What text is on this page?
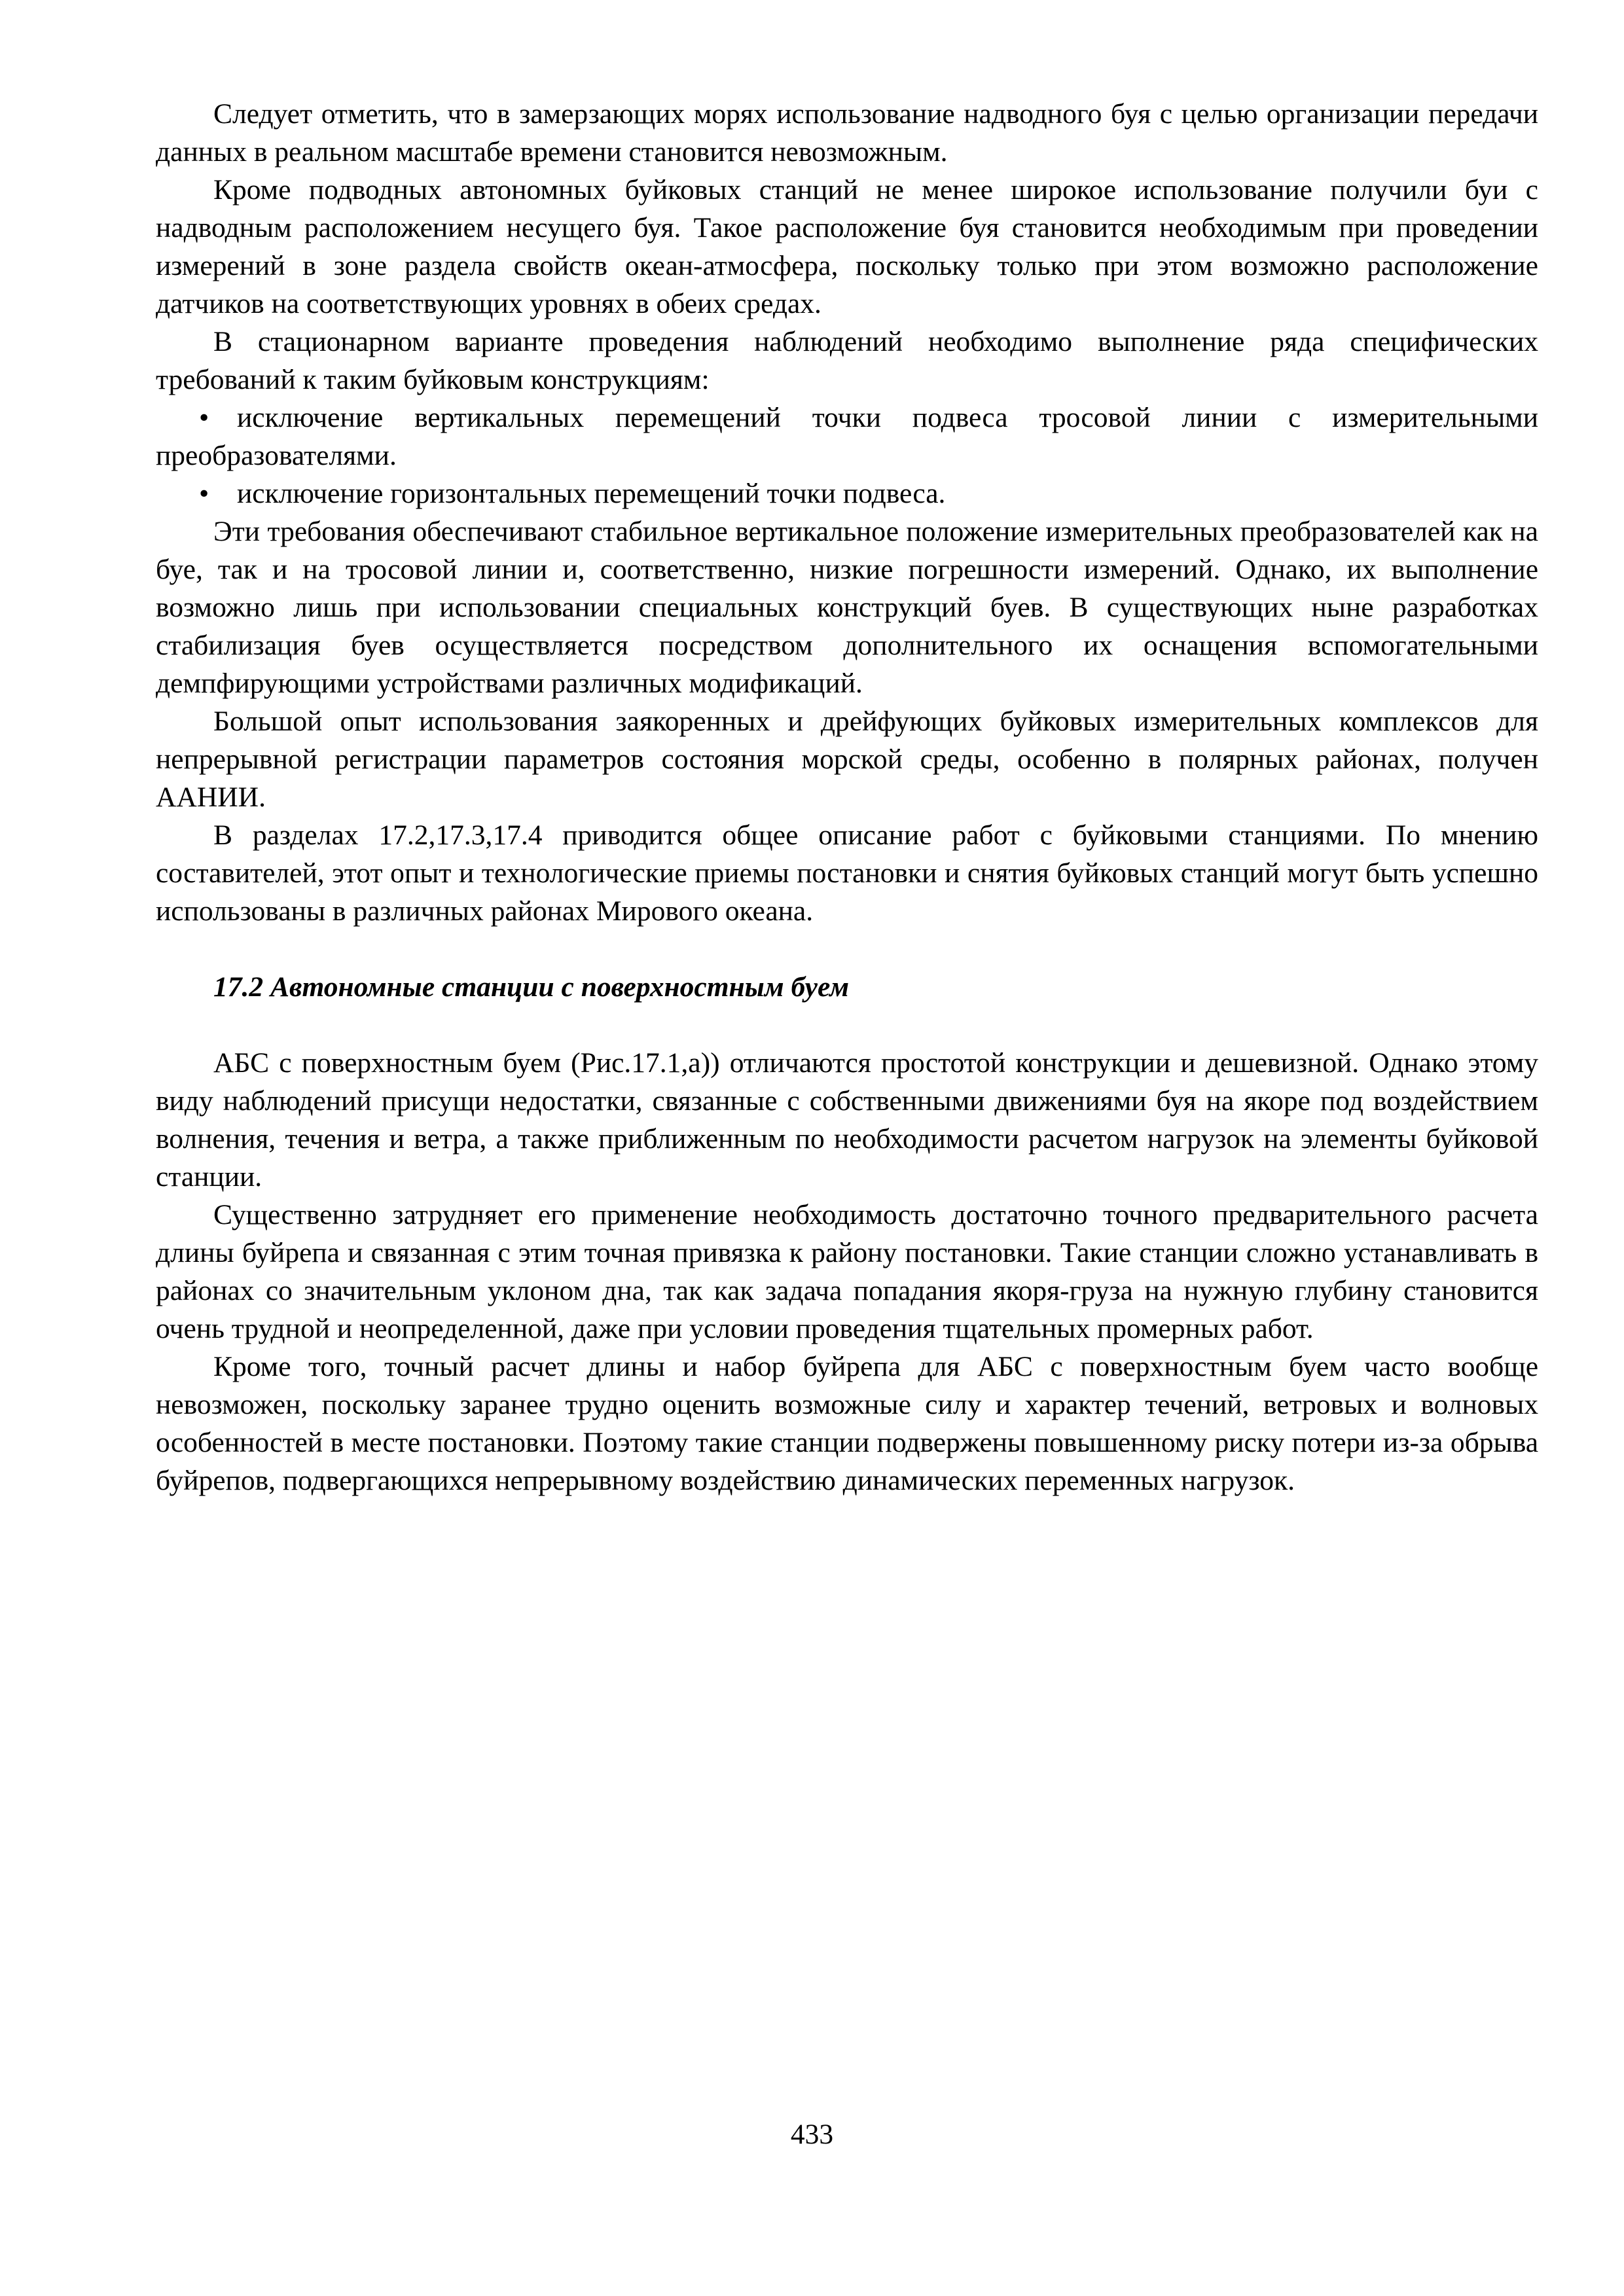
Следует отметить, что в замерзающих морях использование надводного буя с целью организации передачи данных в реальном масштабе времени становится невозможным.

Кроме подводных автономных буйковых станций не менее широкое использование получили буи с надводным расположением несущего буя. Такое расположение буя становится необходимым при проведении измерений в зоне раздела свойств океан-атмосфера, поскольку только при этом возможно расположение датчиков на соответствующих уровнях в обеих средах.

В стационарном варианте проведения наблюдений необходимо выполнение ряда специфических требований к таким буйковым конструкциям:

• исключение вертикальных перемещений точки подвеса тросовой линии с измерительными преобразователями.

• исключение горизонтальных перемещений точки подвеса.

Эти требования обеспечивают стабильное вертикальное положение измерительных преобразователей как на буе, так и на тросовой линии и, соответственно, низкие погрешности измерений. Однако, их выполнение возможно лишь при использовании специальных конструкций буев. В существующих ныне разработках стабилизация буев осуществляется посредством дополнительного их оснащения вспомогательными демпфирующими устройствами различных модификаций.

Большой опыт использования заякоренных и дрейфующих буйковых измерительных комплексов для непрерывной регистрации параметров состояния морской среды, особенно в полярных районах, получен ААНИИ.

В разделах 17.2,17.3,17.4 приводится общее описание работ с буйковыми станциями. По мнению составителей, этот опыт и технологические приемы постановки и снятия буйковых станций могут быть успешно использованы в различных районах Мирового океана.

17.2 Автономные станции с поверхностным буем

АБС с поверхностным буем (Рис.17.1,а)) отличаются простотой конструкции и дешевизной. Однако этому виду наблюдений присущи недостатки, связанные с собственными движениями буя на якоре под воздействием волнения, течения и ветра, а также приближенным по необходимости расчетом нагрузок на элементы буйковой станции.

Существенно затрудняет его применение необходимость достаточно точного предварительного расчета длины буйрепа и связанная с этим точная привязка к району постановки. Такие станции сложно устанавливать в районах со значительным уклоном дна, так как задача попадания якоря-груза на нужную глубину становится очень трудной и неопределенной, даже при условии проведения тщательных промерных работ.

Кроме того, точный расчет длины и набор буйрепа для АБС с поверхностным буем часто вообще невозможен, поскольку заранее трудно оценить возможные силу и характер течений, ветровых и волновых особенностей в месте постановки. Поэтому такие станции подвержены повышенному риску потери из-за обрыва буйрепов, подвергающихся непрерывному воздействию динамических переменных нагрузок.

433
